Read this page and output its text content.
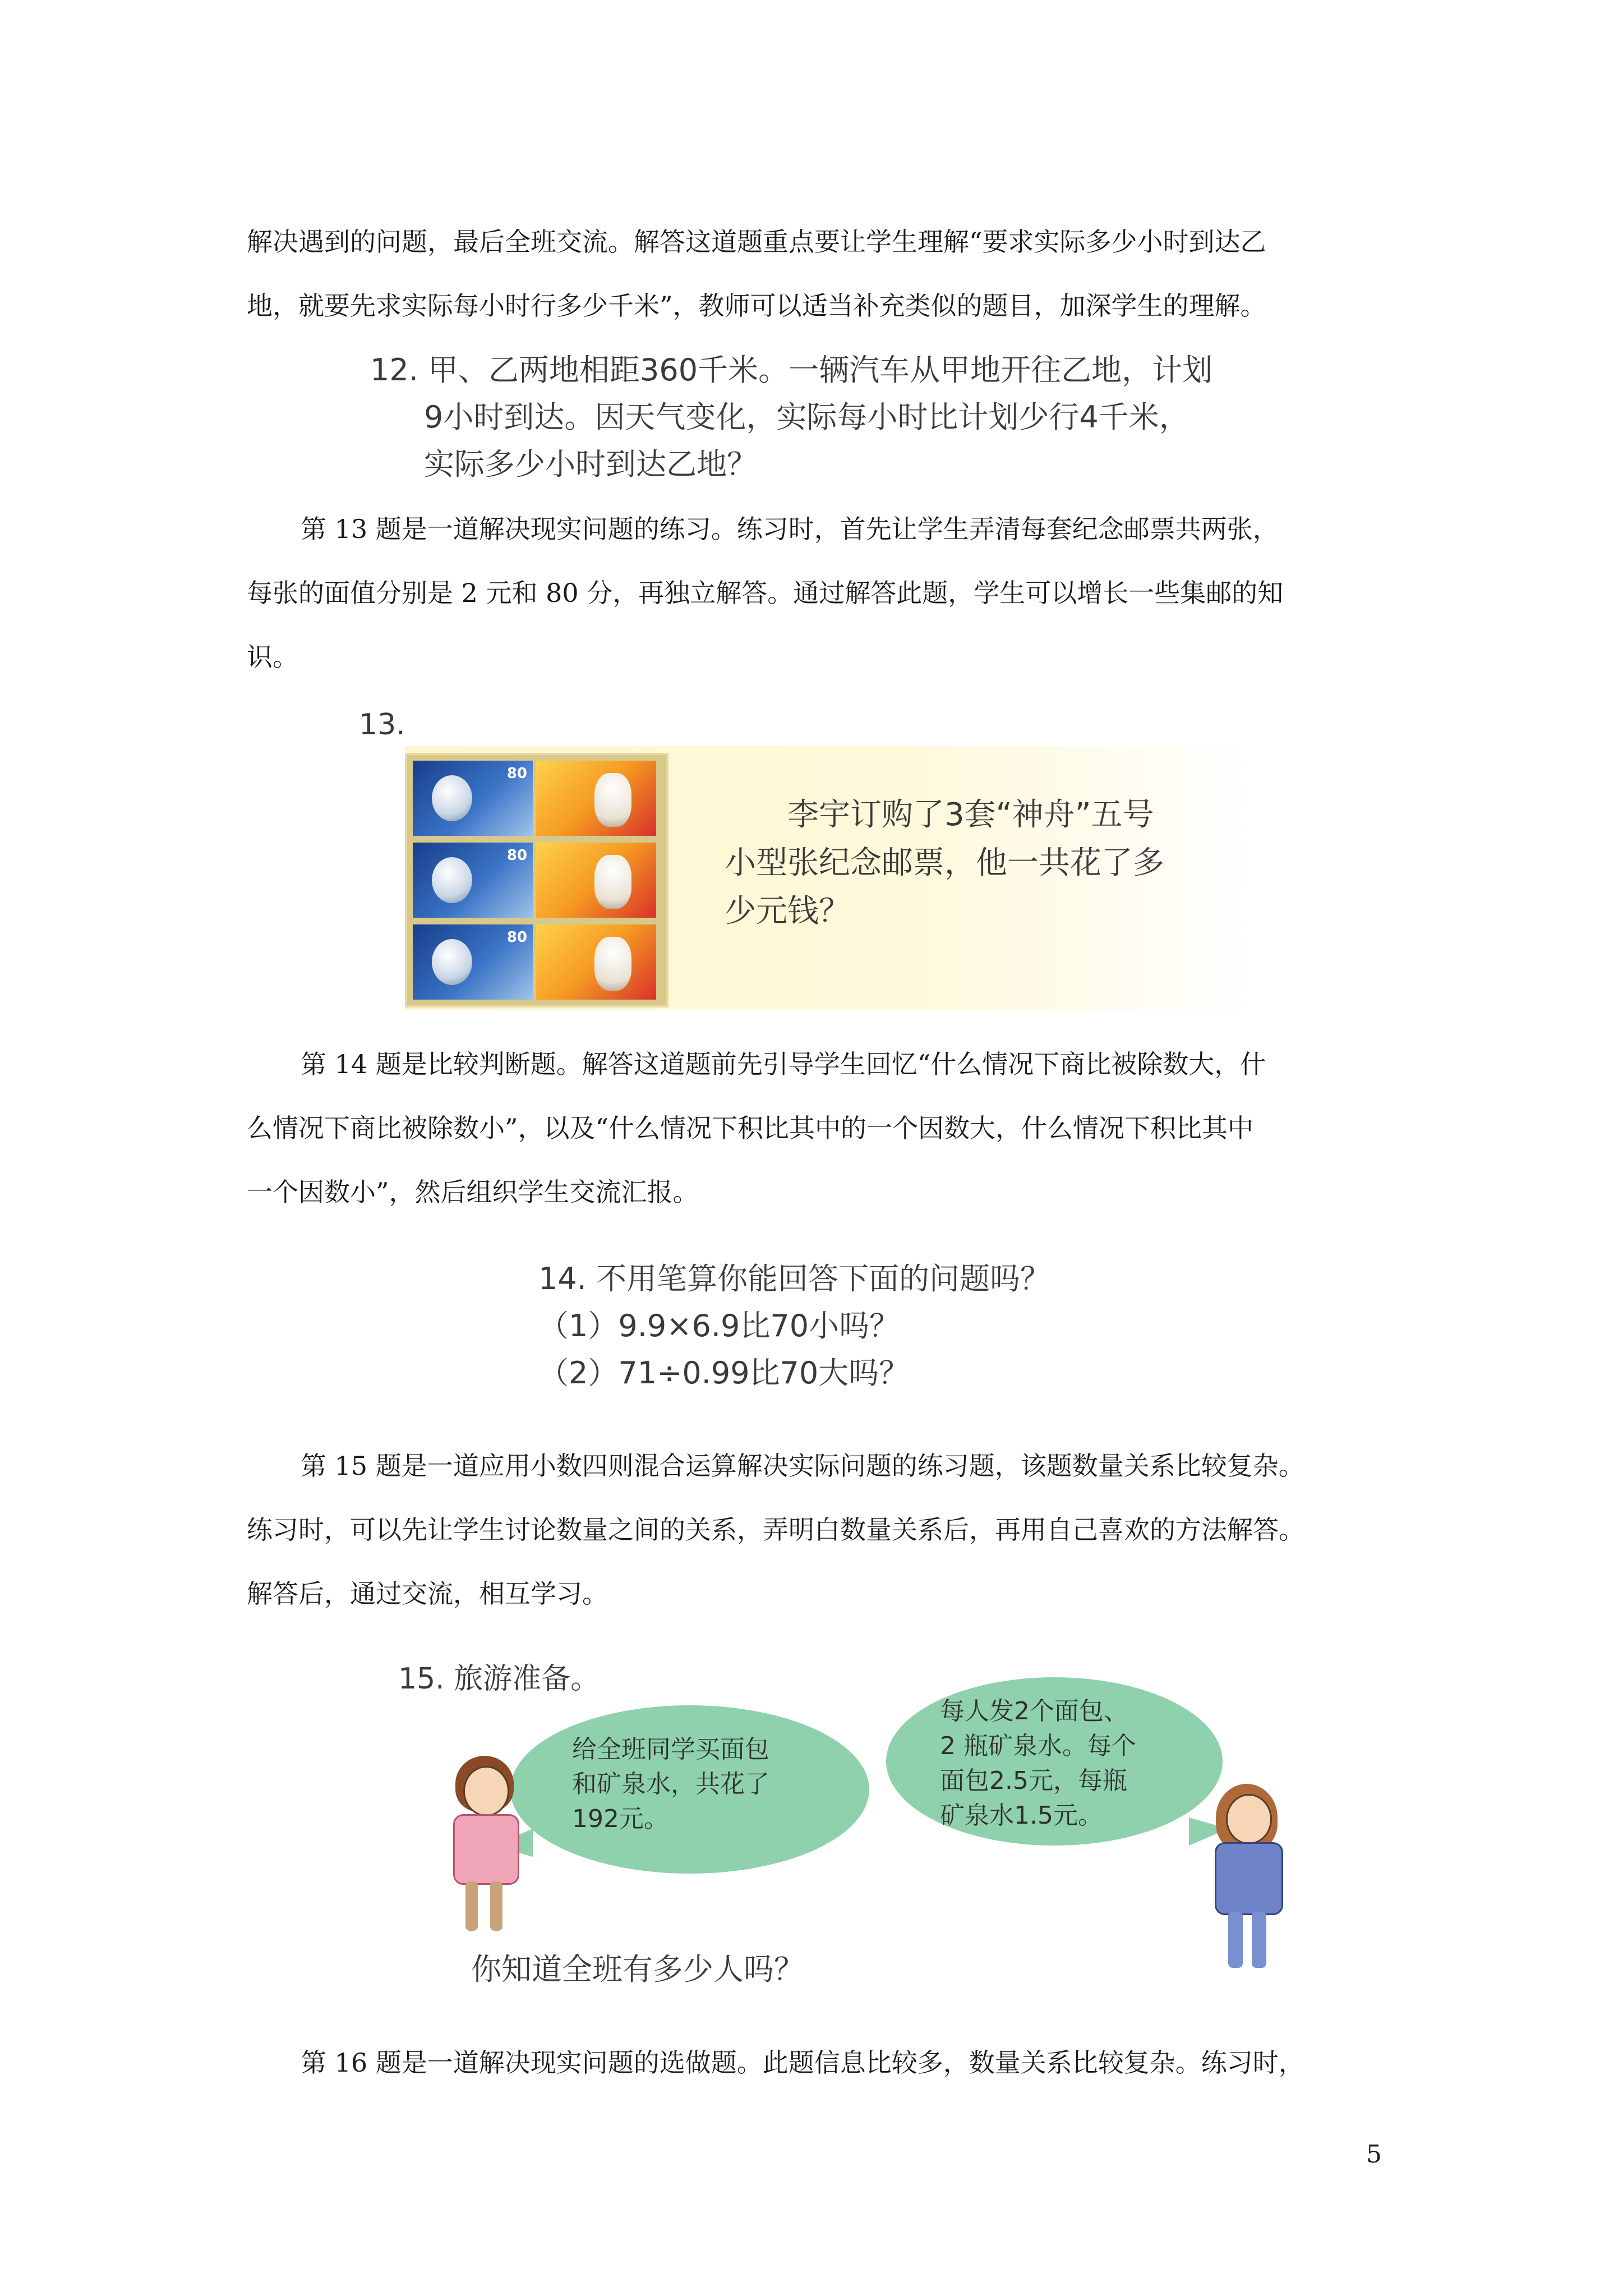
解决遇到的问题，最后全班交流。解答这道题重点要让学生理解“要求实际多少小时到达乙
地，就要先求实际每小时行多少千米”，教师可以适当补充类似的题目，加深学生的理解。
12. 甲、乙两地相距360千米。一辆汽车从甲地开往乙地，计划
9小时到达。因天气变化，实际每小时比计划少行4千米，
实际多少小时到达乙地？
第 13 题是一道解决现实问题的练习。练习时，首先让学生弄清每套纪念邮票共两张，
每张的面值分别是 2 元和 80 分，再独立解答。通过解答此题，学生可以增长一些集邮的知
识。
13.
80
80
80
李宇订购了3套“神舟”五号
小型张纪念邮票，他一共花了多
少元钱？
第 14 题是比较判断题。解答这道题前先引导学生回忆“什么情况下商比被除数大，什
么情况下商比被除数小”，以及“什么情况下积比其中的一个因数大，什么情况下积比其中
一个因数小”，然后组织学生交流汇报。
14. 不用笔算你能回答下面的问题吗？
（1）9.9×6.9比70小吗？
（2）71÷0.99比70大吗？
第 15 题是一道应用小数四则混合运算解决实际问题的练习题，该题数量关系比较复杂。
练习时，可以先让学生讨论数量之间的关系，弄明白数量关系后，再用自己喜欢的方法解答。
解答后，通过交流，相互学习。
15. 旅游准备。
给全班同学买面包
和矿泉水，共花了
192元。
每人发2个面包、
2 瓶矿泉水。每个
面包2.5元，每瓶
矿泉水1.5元。
你知道全班有多少人吗？
第 16 题是一道解决现实问题的选做题。此题信息比较多，数量关系比较复杂。练习时，
5
